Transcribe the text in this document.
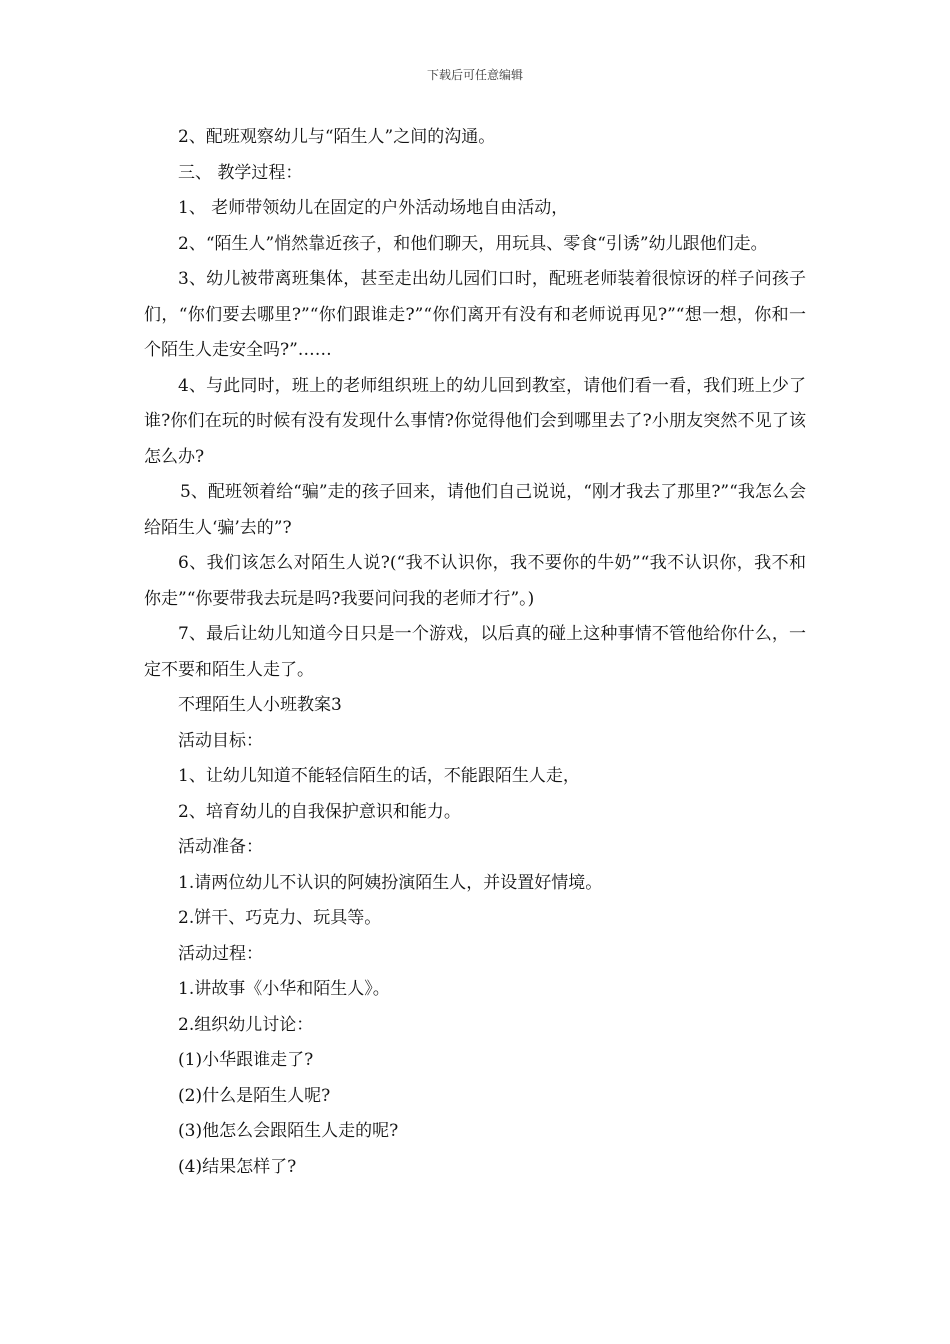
下载后可任意编辑

2、配班观察幼儿与“陌生人”之间的沟通。

三、 教学过程：

1、 老师带领幼儿在固定的户外活动场地自由活动，

2、“陌生人”悄然靠近孩子，和他们聊天，用玩具、零食“引诱”幼儿跟他们走。

3、幼儿被带离班集体，甚至走出幼儿园们口时，配班老师装着很惊讶的样子问孩子们，“你们要去哪里?”“你们跟谁走?”“你们离开有没有和老师说再见?”“想一想，你和一个陌生人走安全吗?”……

4、与此同时，班上的老师组织班上的幼儿回到教室，请他们看一看，我们班上少了谁?你们在玩的时候有没有发现什么事情?你觉得他们会到哪里去了?小朋友突然不见了该怎么办?

5、配班领着给“骗”走的孩子回来，请他们自己说说，“刚才我去了那里?”“我怎么会给陌生人‘骗’去的”?

6、我们该怎么对陌生人说?(“我不认识你，我不要你的牛奶”“我不认识你，我不和你走”“你要带我去玩是吗?我要问问我的老师才行”。)

7、最后让幼儿知道今日只是一个游戏，以后真的碰上这种事情不管他给你什么，一定不要和陌生人走了。

不理陌生人小班教案3

活动目标：

1、让幼儿知道不能轻信陌生的话，不能跟陌生人走，

2、培育幼儿的自我保护意识和能力。

活动准备：

1.请两位幼儿不认识的阿姨扮演陌生人，并设置好情境。

2.饼干、巧克力、玩具等。

活动过程：

1.讲故事《小华和陌生人》。

2.组织幼儿讨论：

(1)小华跟谁走了?

(2)什么是陌生人呢?

(3)他怎么会跟陌生人走的呢?

(4)结果怎样了?
